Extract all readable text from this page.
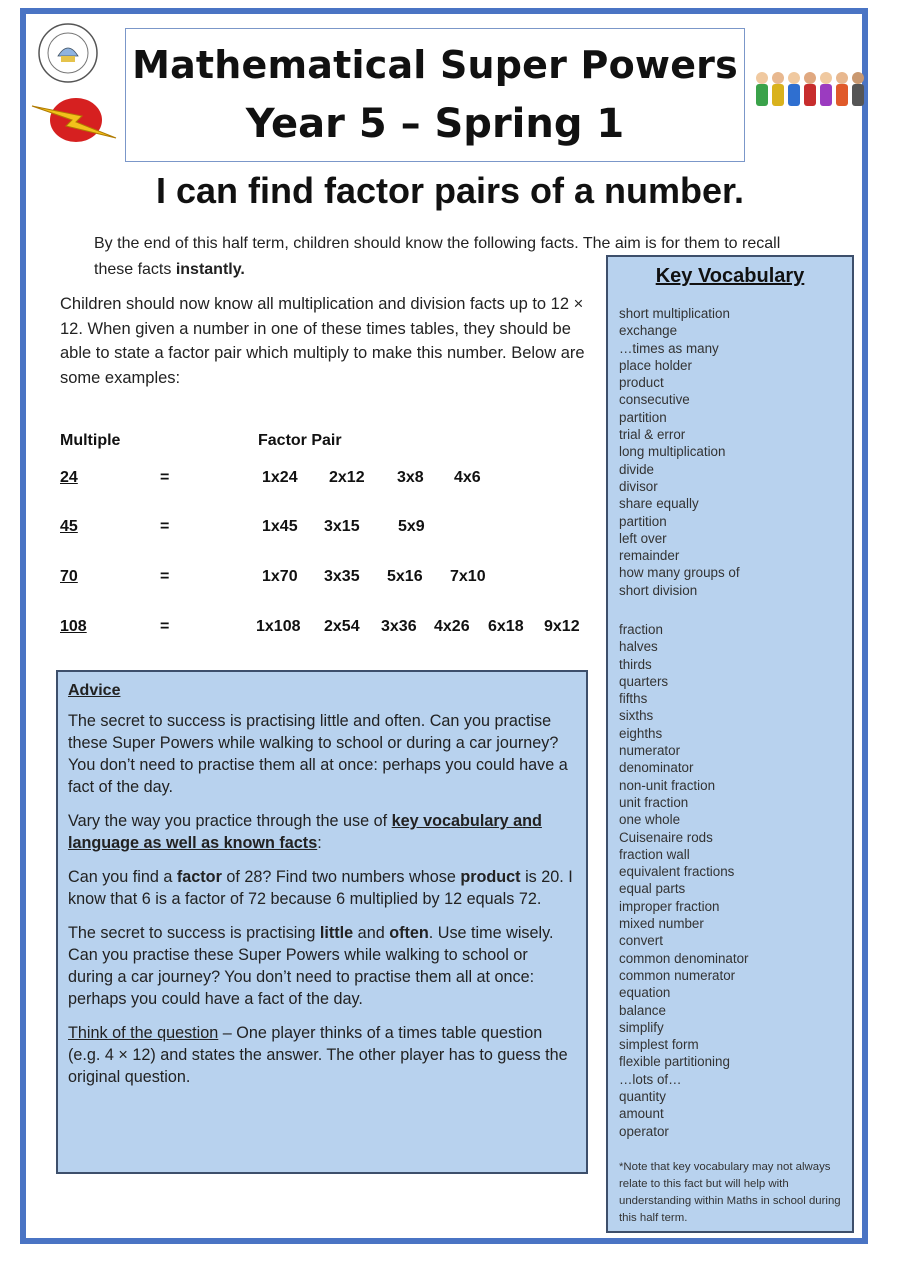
Mathematical Super Powers
Year 5 – Spring 1
I can find factor pairs of a number.
By the end of this half term, children should know the following facts. The aim is for them to recall these facts instantly.
Children should now know all multiplication and division facts up to 12 × 12. When given a number in one of these times tables, they should be able to state a factor pair which multiply to make this number. Below are some examples:
Multiple	Factor Pair
24	=	1x24 2x12 3x8 4x6
45	=	1x45 3x15 5x9
70	=	1x70 3x35 5x16 7x10
108	=	1x108 2x54 3x36 4x26 6x18 9x12

Advice

The secret to success is practising little and often. Can you practise these Super Powers while walking to school or during a car journey? You don’t need to practise them all at once: perhaps you could have a fact of the day.

Vary the way you practice through the use of key vocabulary and language as well as known facts:

Can you find a factor of 28? Find two numbers whose product is 20. I know that 6 is a factor of 72 because 6 multiplied by 12 equals 72.

The secret to success is practising little and often. Use time wisely. Can you practise these Super Powers while walking to school or during a car journey? You don’t need to practise them all at once: perhaps you could have a fact of the day.

Think of the question – One player thinks of a times table question (e.g. 4 × 12) and states the answer. The other player has to guess the original question.

Key Vocabulary
short multiplication
exchange
…times as many
place holder
product
consecutive
partition
trial & error
long multiplication
divide
divisor
share equally
partition
left over
remainder
how many groups of
short division
fraction
halves
thirds
quarters
fifths
sixths
eighths
numerator
denominator
non-unit fraction
unit fraction
one whole
Cuisenaire rods
fraction wall
equivalent fractions
equal parts
improper fraction
mixed number
convert
common denominator
common numerator
equation
balance
simplify
simplest form
flexible partitioning
…lots of…
quantity
amount
operator
*Note that key vocabulary may not always relate to this fact but will help with understanding within Maths in school during this half term.
